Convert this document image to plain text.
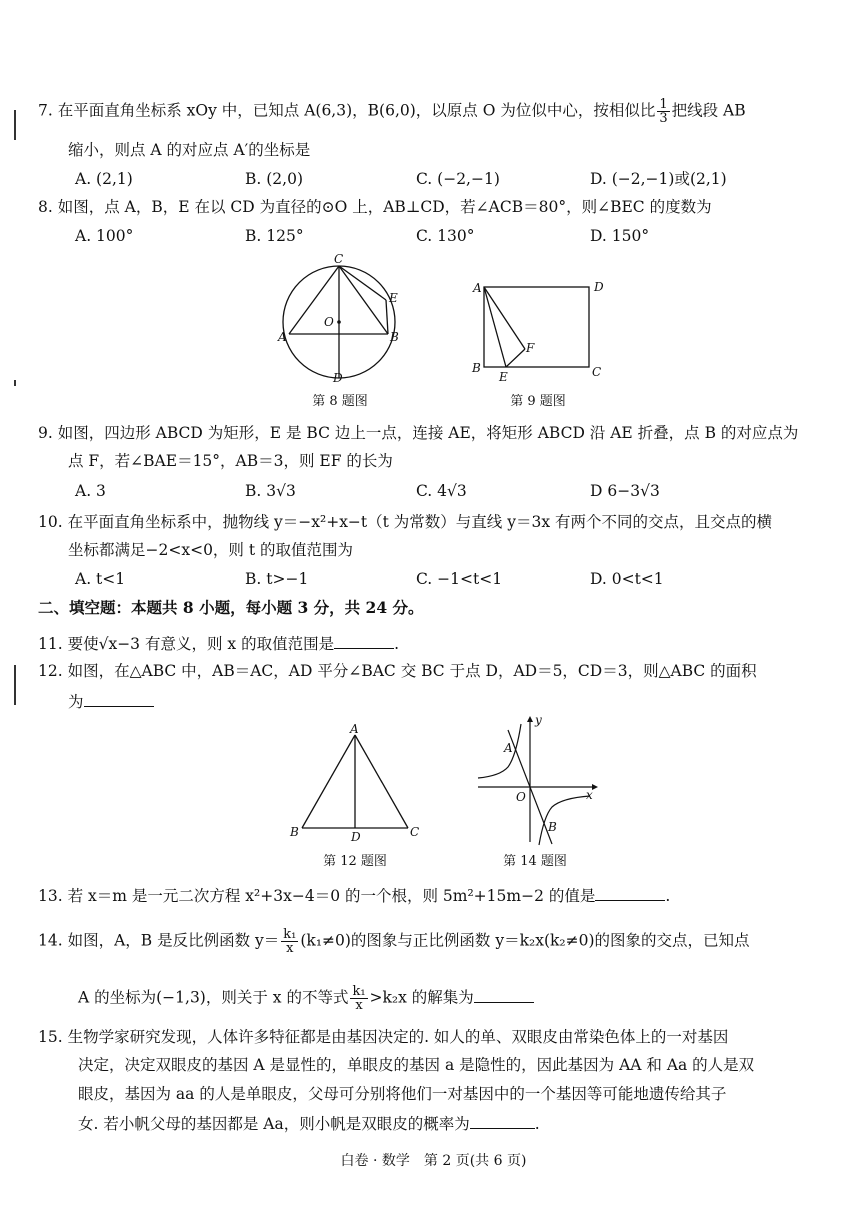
7. 在平面直角坐标系 xOy 中，已知点 A(6,3)，B(6,0)，以原点 O 为位似中心，按相似比 $\frac{1}{3}$ 把线段 AB
缩小，则点 A 的对应点 A′的坐标是
A. (2,1)	B. (2,0)	C. (−2,−1)	D. (−2,−1)或(2,1)
8. 如图，点 A，B，E 在以 CD 为直径的⊙O 上，AB⊥CD，若∠ACB＝80°，则∠BEC 的度数为
A. 100°	B. 125°	C. 130°	D. 150°
C
E
O
A	B
D
第 8 题图
A	D
F
B
E	C
第 9 题图
9. 如图，四边形 ABCD 为矩形，E 是 BC 边上一点，连接 AE，将矩形 ABCD 沿 AE 折叠，点 B 的对应点为
点 F，若∠BAE＝15°，AB＝3，则 EF 的长为
A. 3	B. 3√3	C. 4√3	D 6−3√3
10. 在平面直角坐标系中，抛物线 y＝−x²+x−t（t 为常数）与直线 y＝3x 有两个不同的交点，且交点的横
坐标都满足−2<x<0，则 t 的取值范围为
A. t<1	B. t>−1	C. −1<t<1	D. 0<t<1
二、填空题：本题共 8 小题，每小题 3 分，共 24 分。
11. 要使√x−3 有意义，则 x 的取值范围是	.
12. 如图，在△ABC 中，AB＝AC，AD 平分∠BAC 交 BC 于点 D，AD＝5，CD＝3，则△ABC 的面积
为
A
B	D	C
第 12 题图
y
A
O	x
B
第 14 题图
13. 若 x＝m 是一元二次方程 x²+3x−4＝0 的一个根，则 5m²+15m−2 的值是	.
14. 如图，A，B 是反比例函数 $y= \frac{\text{k₁}}{x} (k_1\ne 0)$的图象与正比例函数 y＝k₂x(k₂≠0)的图象的交点，已知点
A 的坐标为(−1,3)，则关于 x 的不等式 $\frac{\text{k₁}}{x} >k_2x$ 的解集为
15. 生物学家研究发现，人体许多特征都是由基因决定的. 如人的单、双眼皮由常染色体上的一对基因
决定，决定双眼皮的基因 A 是显性的，单眼皮的基因 a 是隐性的，因此基因为 AA 和 Aa 的人是双
眼皮，基因为 aa 的人是单眼皮，父母可分别将他们一对基因中的一个基因等可能地遗传给其子
女. 若小帆父母的基因都是 Aa，则小帆是双眼皮的概率为	.
白卷 · 数学　第 2 页(共 6 页)
